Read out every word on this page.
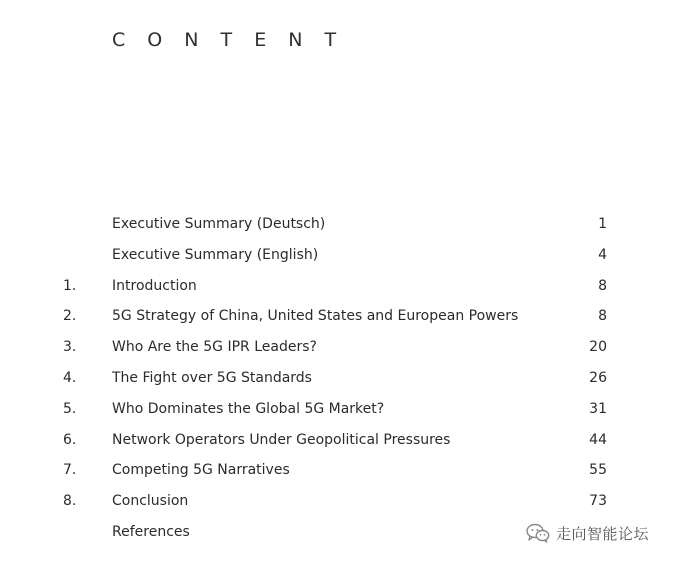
C O N T E N T
Executive Summary (Deutsch)	1
Executive Summary (English)	4
1.	Introduction	8
2.	5G Strategy of China, United States and European Powers	8
3.	Who Are the 5G IPR Leaders?	20
4.	The Fight over 5G Standards	26
5.	Who Dominates the Global 5G Market?	31
6.	Network Operators Under Geopolitical Pressures	44
7.	Competing 5G Narratives	55
8.	Conclusion	73
References	走向智能论坛
